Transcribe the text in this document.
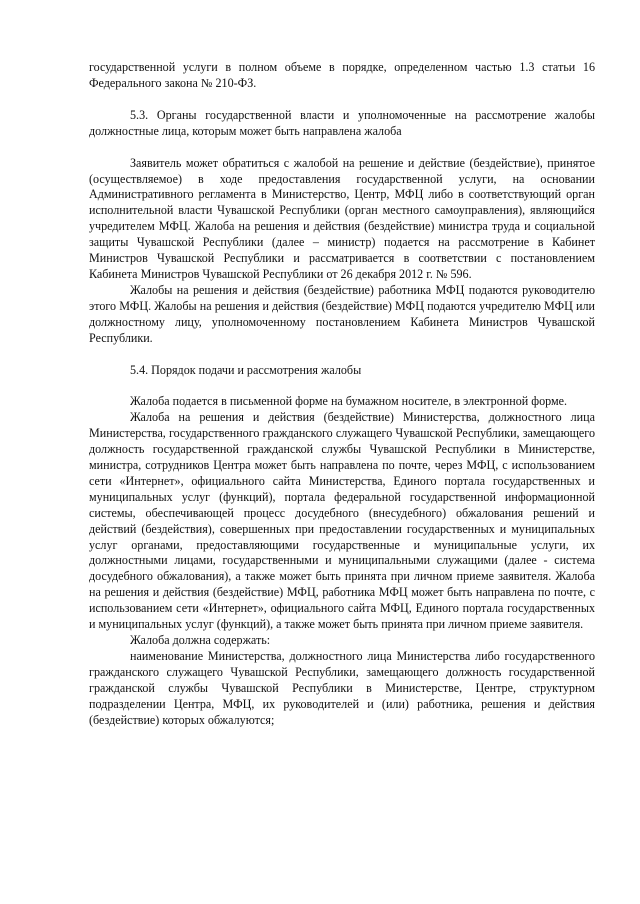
государственной услуги в полном объеме в порядке, определенном частью 1.3 статьи 16 Федерального закона № 210-ФЗ.

5.3. Органы государственной власти и уполномоченные на рассмотрение жалобы должностные лица, которым может быть направлена жалоба

Заявитель может обратиться с жалобой на решение и действие (бездействие), принятое (осуществляемое) в ходе предоставления государственной услуги, на основании Административного регламента в Министерство, Центр, МФЦ либо в соответствующий орган исполнительной власти Чувашской Республики (орган местного самоуправления), являющийся учредителем МФЦ. Жалоба на решения и действия (бездействие) министра труда и социальной защиты Чувашской Республики (далее – министр) подается на рассмотрение в Кабинет Министров Чувашской Республики и рассматривается в соответствии с постановлением Кабинета Министров Чувашской Республики от 26 декабря 2012 г. № 596.

Жалобы на решения и действия (бездействие) работника МФЦ подаются руководителю этого МФЦ. Жалобы на решения и действия (бездействие) МФЦ подаются учредителю МФЦ или должностному лицу, уполномоченному постановлением Кабинета Министров Чувашской Республики.

5.4. Порядок подачи и рассмотрения жалобы

Жалоба подается в письменной форме на бумажном носителе, в электронной форме.

Жалоба на решения и действия (бездействие) Министерства, должностного лица Министерства, государственного гражданского служащего Чувашской Республики, замещающего должность государственной гражданской службы Чувашской Республики в Министерстве, министра, сотрудников Центра может быть направлена по почте, через МФЦ, с использованием сети «Интернет», официального сайта Министерства, Единого портала государственных и муниципальных услуг (функций), портала федеральной государственной информационной системы, обеспечивающей процесс досудебного (внесудебного) обжалования решений и действий (бездействия), совершенных при предоставлении государственных и муниципальных услуг органами, предоставляющими государственные и муниципальные услуги, их должностными лицами, государственными и муниципальными служащими (далее - система досудебного обжалования), а также может быть принята при личном приеме заявителя. Жалоба на решения и действия (бездействие) МФЦ, работника МФЦ может быть направлена по почте, с использованием сети «Интернет», официального сайта МФЦ, Единого портала государственных и муниципальных услуг (функций), а также может быть принята при личном приеме заявителя.

Жалоба должна содержать:

наименование Министерства, должностного лица Министерства либо государственного гражданского служащего Чувашской Республики, замещающего должность государственной гражданской службы Чувашской Республики в Министерстве, Центре, структурном подразделении Центра, МФЦ, их руководителей и (или) работника, решения и действия (бездействие) которых обжалуются;
